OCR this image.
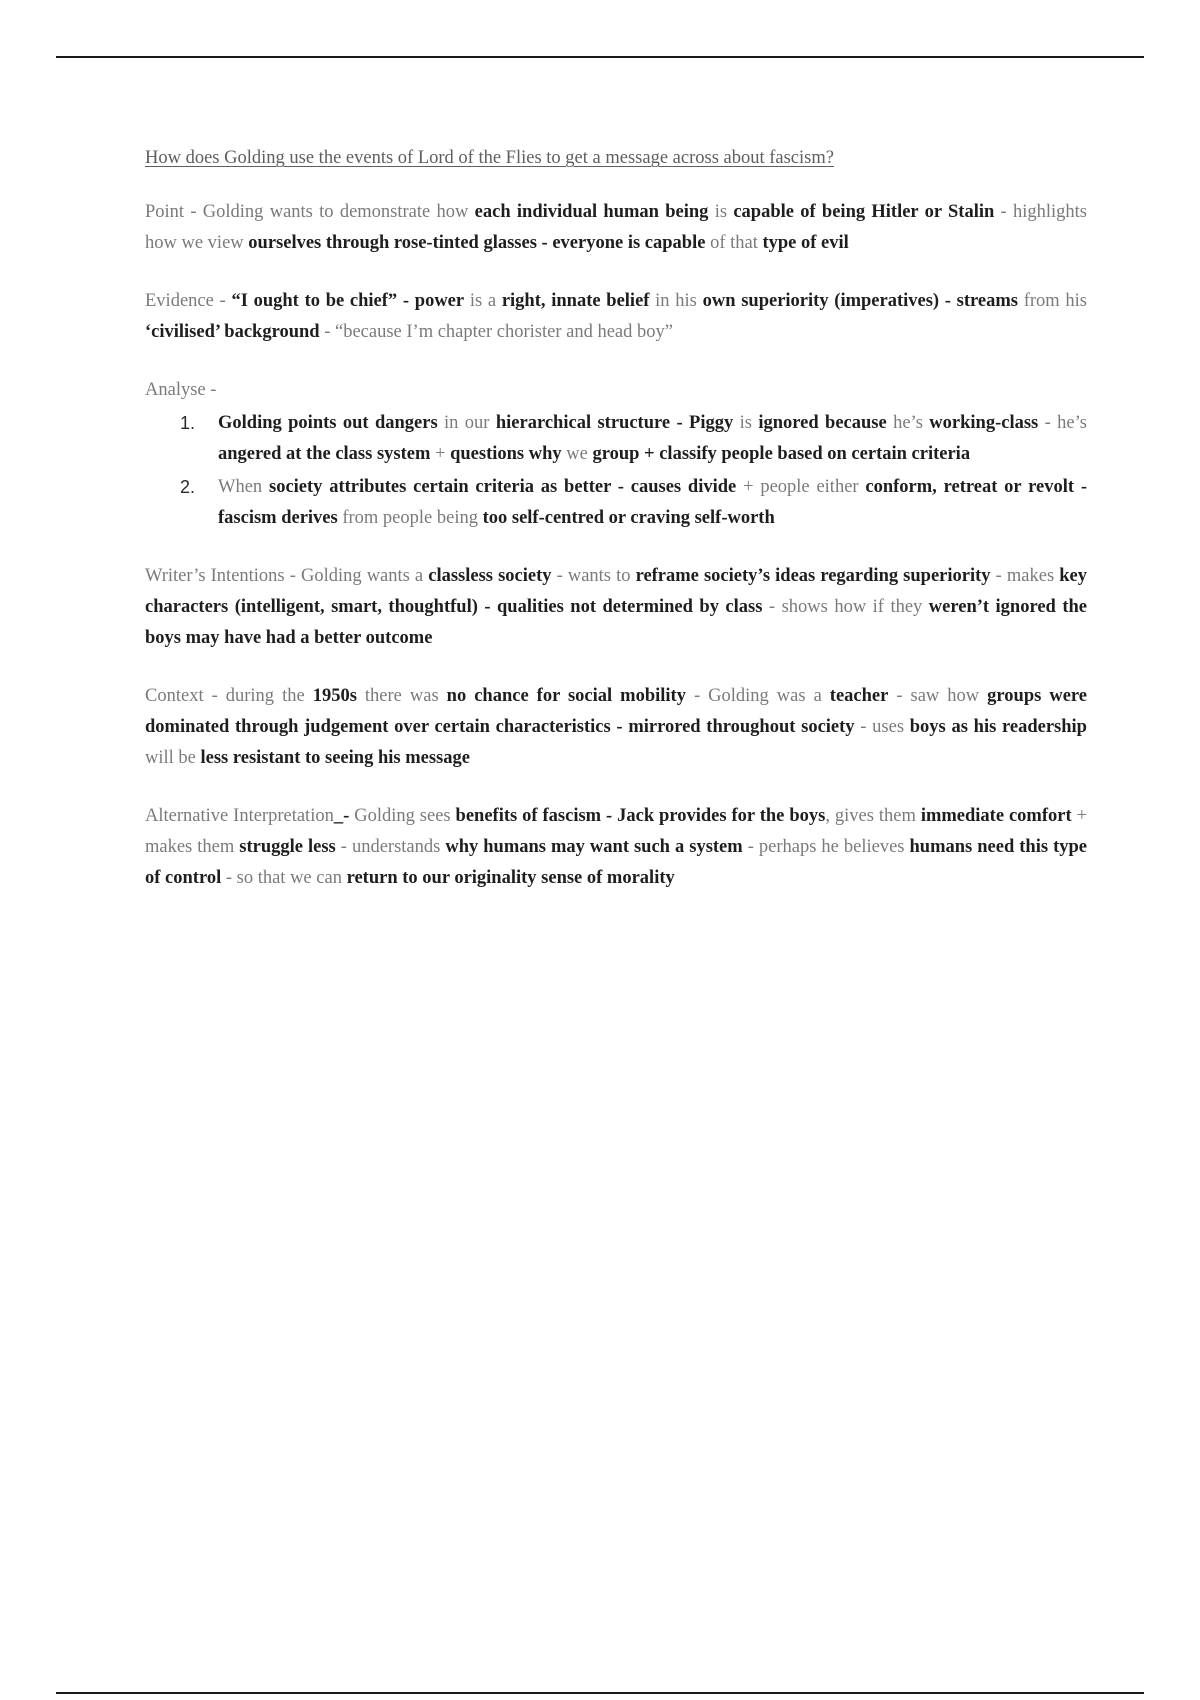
How does Golding use the events of Lord of the Flies to get a message across about fascism?

Point - Golding wants to demonstrate how each individual human being is capable of being Hitler or Stalin - highlights how we view ourselves through rose-tinted glasses - everyone is capable of that type of evil

Evidence - “I ought to be chief” - power is a right, innate belief in his own superiority (imperatives) - streams from his ‘civilised’ background - “because I’m chapter chorister and head boy”

Analyse -
1. Golding points out dangers in our hierarchical structure - Piggy is ignored because he’s working-class - he’s angered at the class system + questions why we group + classify people based on certain criteria
2. When society attributes certain criteria as better - causes divide + people either conform, retreat or revolt - fascism derives from people being too self-centred or craving self-worth

Writer’s Intentions - Golding wants a classless society - wants to reframe society’s ideas regarding superiority - makes key characters (intelligent, smart, thoughtful) - qualities not determined by class - shows how if they weren’t ignored the boys may have had a better outcome

Context - during the 1950s there was no chance for social mobility - Golding was a teacher - saw how groups were dominated through judgement over certain characteristics - mirrored throughout society - uses boys as his readership will be less resistant to seeing his message

Alternative Interpretation_- Golding sees benefits of fascism - Jack provides for the boys, gives them immediate comfort + makes them struggle less - understands why humans may want such a system - perhaps he believes humans need this type of control - so that we can return to our originality sense of morality
